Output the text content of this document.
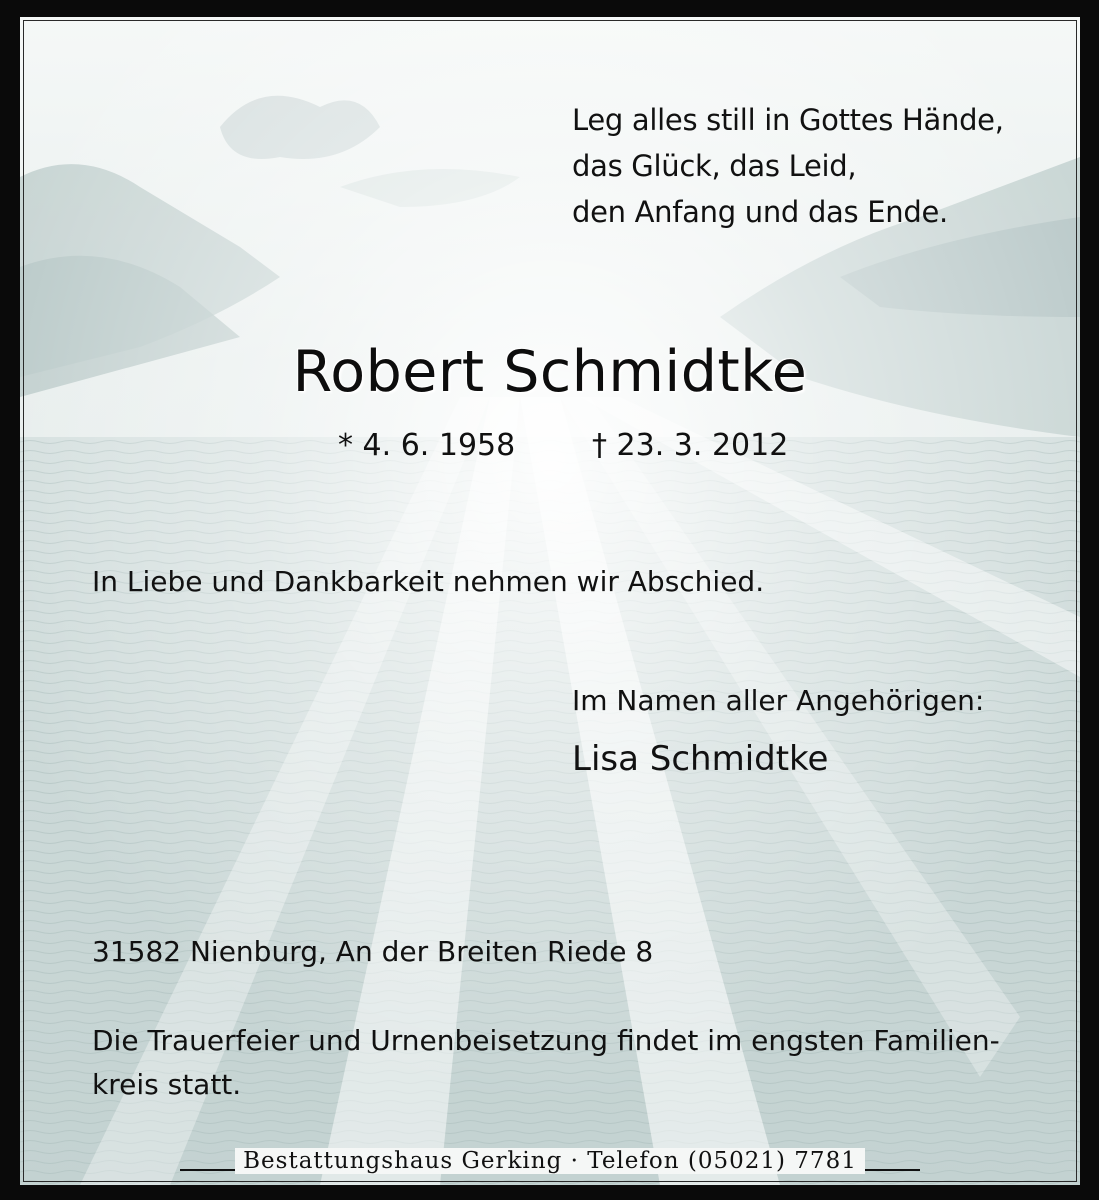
Leg alles still in Gottes Hände,
das Glück, das Leid,
den Anfang und das Ende.
Robert Schmidtke
* 4. 6. 1958	† 23. 3. 2012
In Liebe und Dankbarkeit nehmen wir Abschied.
Im Namen aller Angehörigen:
Lisa Schmidtke
31582 Nienburg, An der Breiten Riede 8
Die Trauerfeier und Urnenbeisetzung findet im engsten Familien-
kreis statt.
Bestattungshaus Gerking · Telefon (05021) 7781
